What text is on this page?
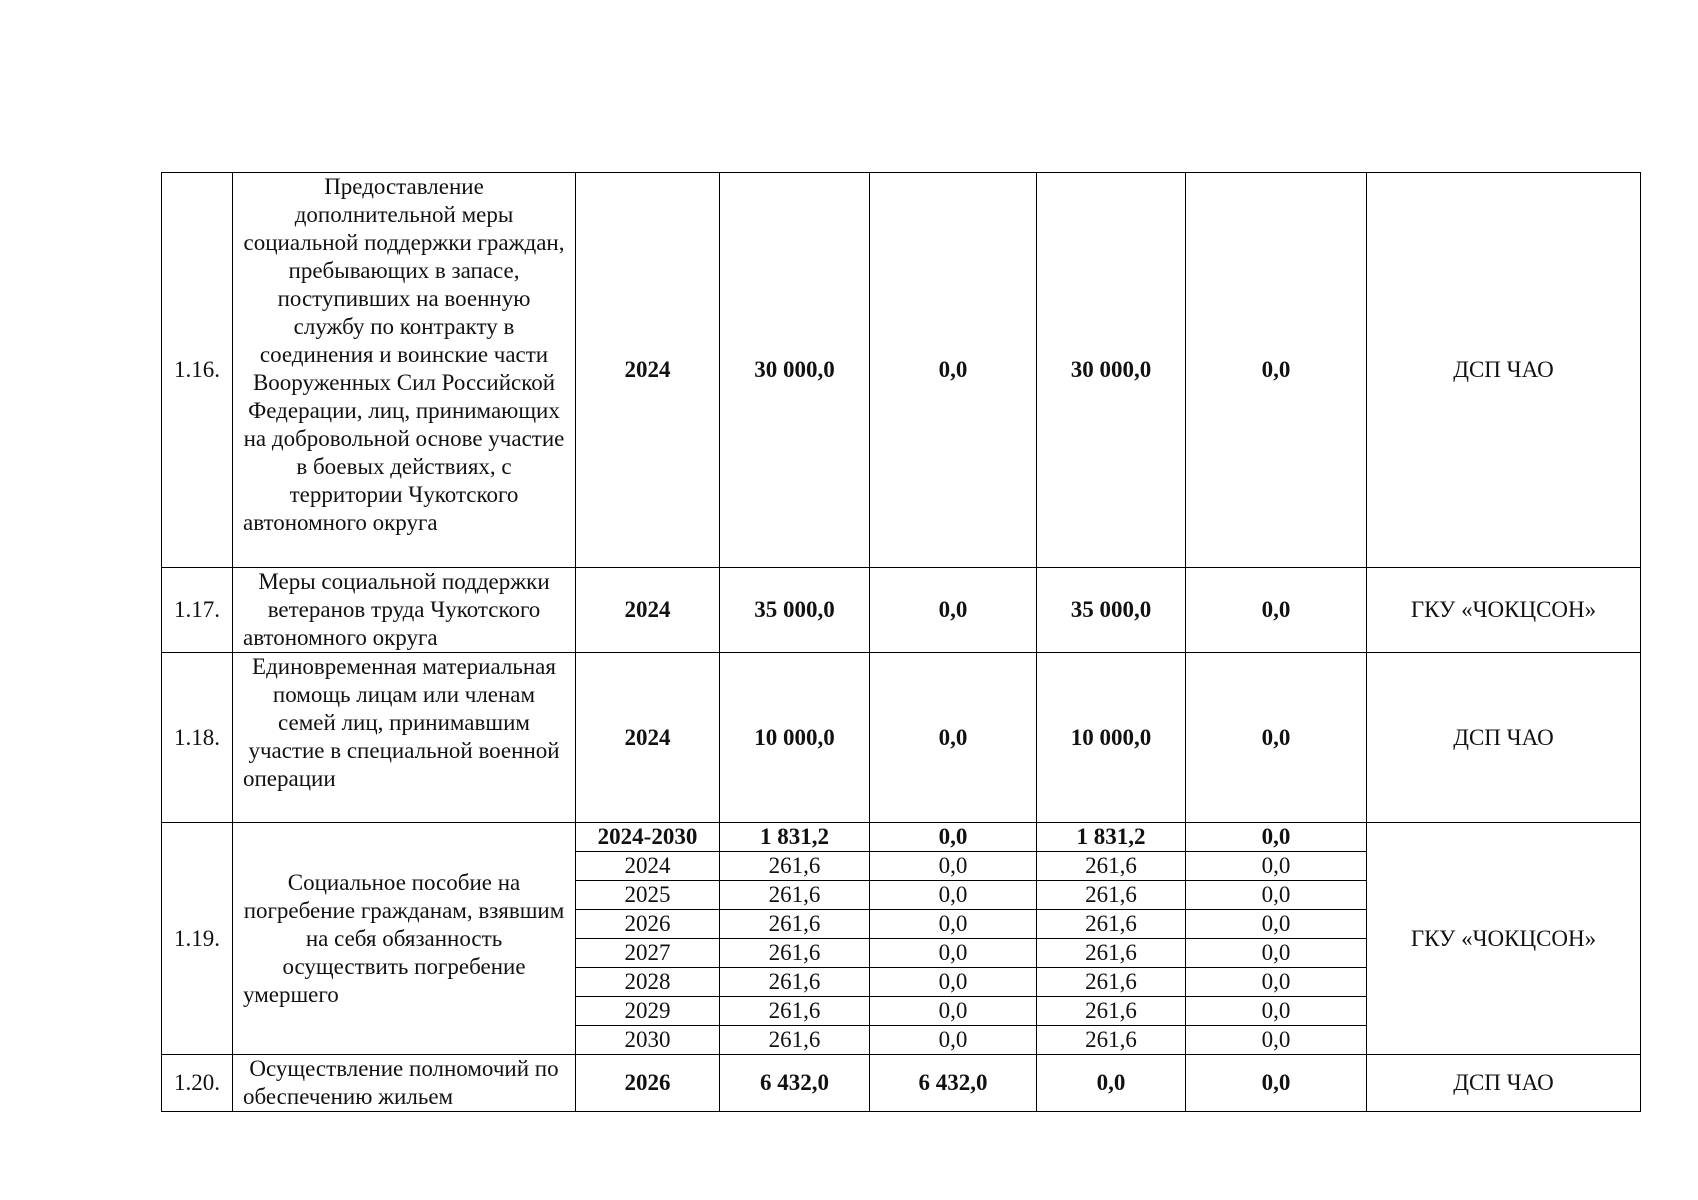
1.16.	Предоставление дополнительной меры социальной поддержки граждан, пребывающих в запасе, поступивших на военную службу по контракту в соединения и воинские части Вооруженных Сил Российской Федерации, лиц, принимающих на добровольной основе участие в боевых действиях, с территории Чукотского автономного округа	2024	30 000,0	0,0	30 000,0	0,0	ДСП ЧАО
1.17.	Меры социальной поддержки ветеранов труда Чукотского автономного округа	2024	35 000,0	0,0	35 000,0	0,0	ГКУ «ЧОКЦСОН»
1.18.	Единовременная материальная помощь лицам или членам семей лиц, принимавшим участие в специальной военной операции	2024	10 000,0	0,0	10 000,0	0,0	ДСП ЧАО
1.19.	Социальное пособие на погребение гражданам, взявшим на себя обязанность осуществить погребение умершего	2024-2030	1 831,2	0,0	1 831,2	0,0	ГКУ «ЧОКЦСОН»
		2024	261,6	0,0	261,6	0,0	
		2025	261,6	0,0	261,6	0,0	
		2026	261,6	0,0	261,6	0,0	
		2027	261,6	0,0	261,6	0,0	
		2028	261,6	0,0	261,6	0,0	
		2029	261,6	0,0	261,6	0,0	
		2030	261,6	0,0	261,6	0,0	
1.20.	Осуществление полномочий по обеспечению жильем	2026	6 432,0	6 432,0	0,0	0,0	ДСП ЧАО
